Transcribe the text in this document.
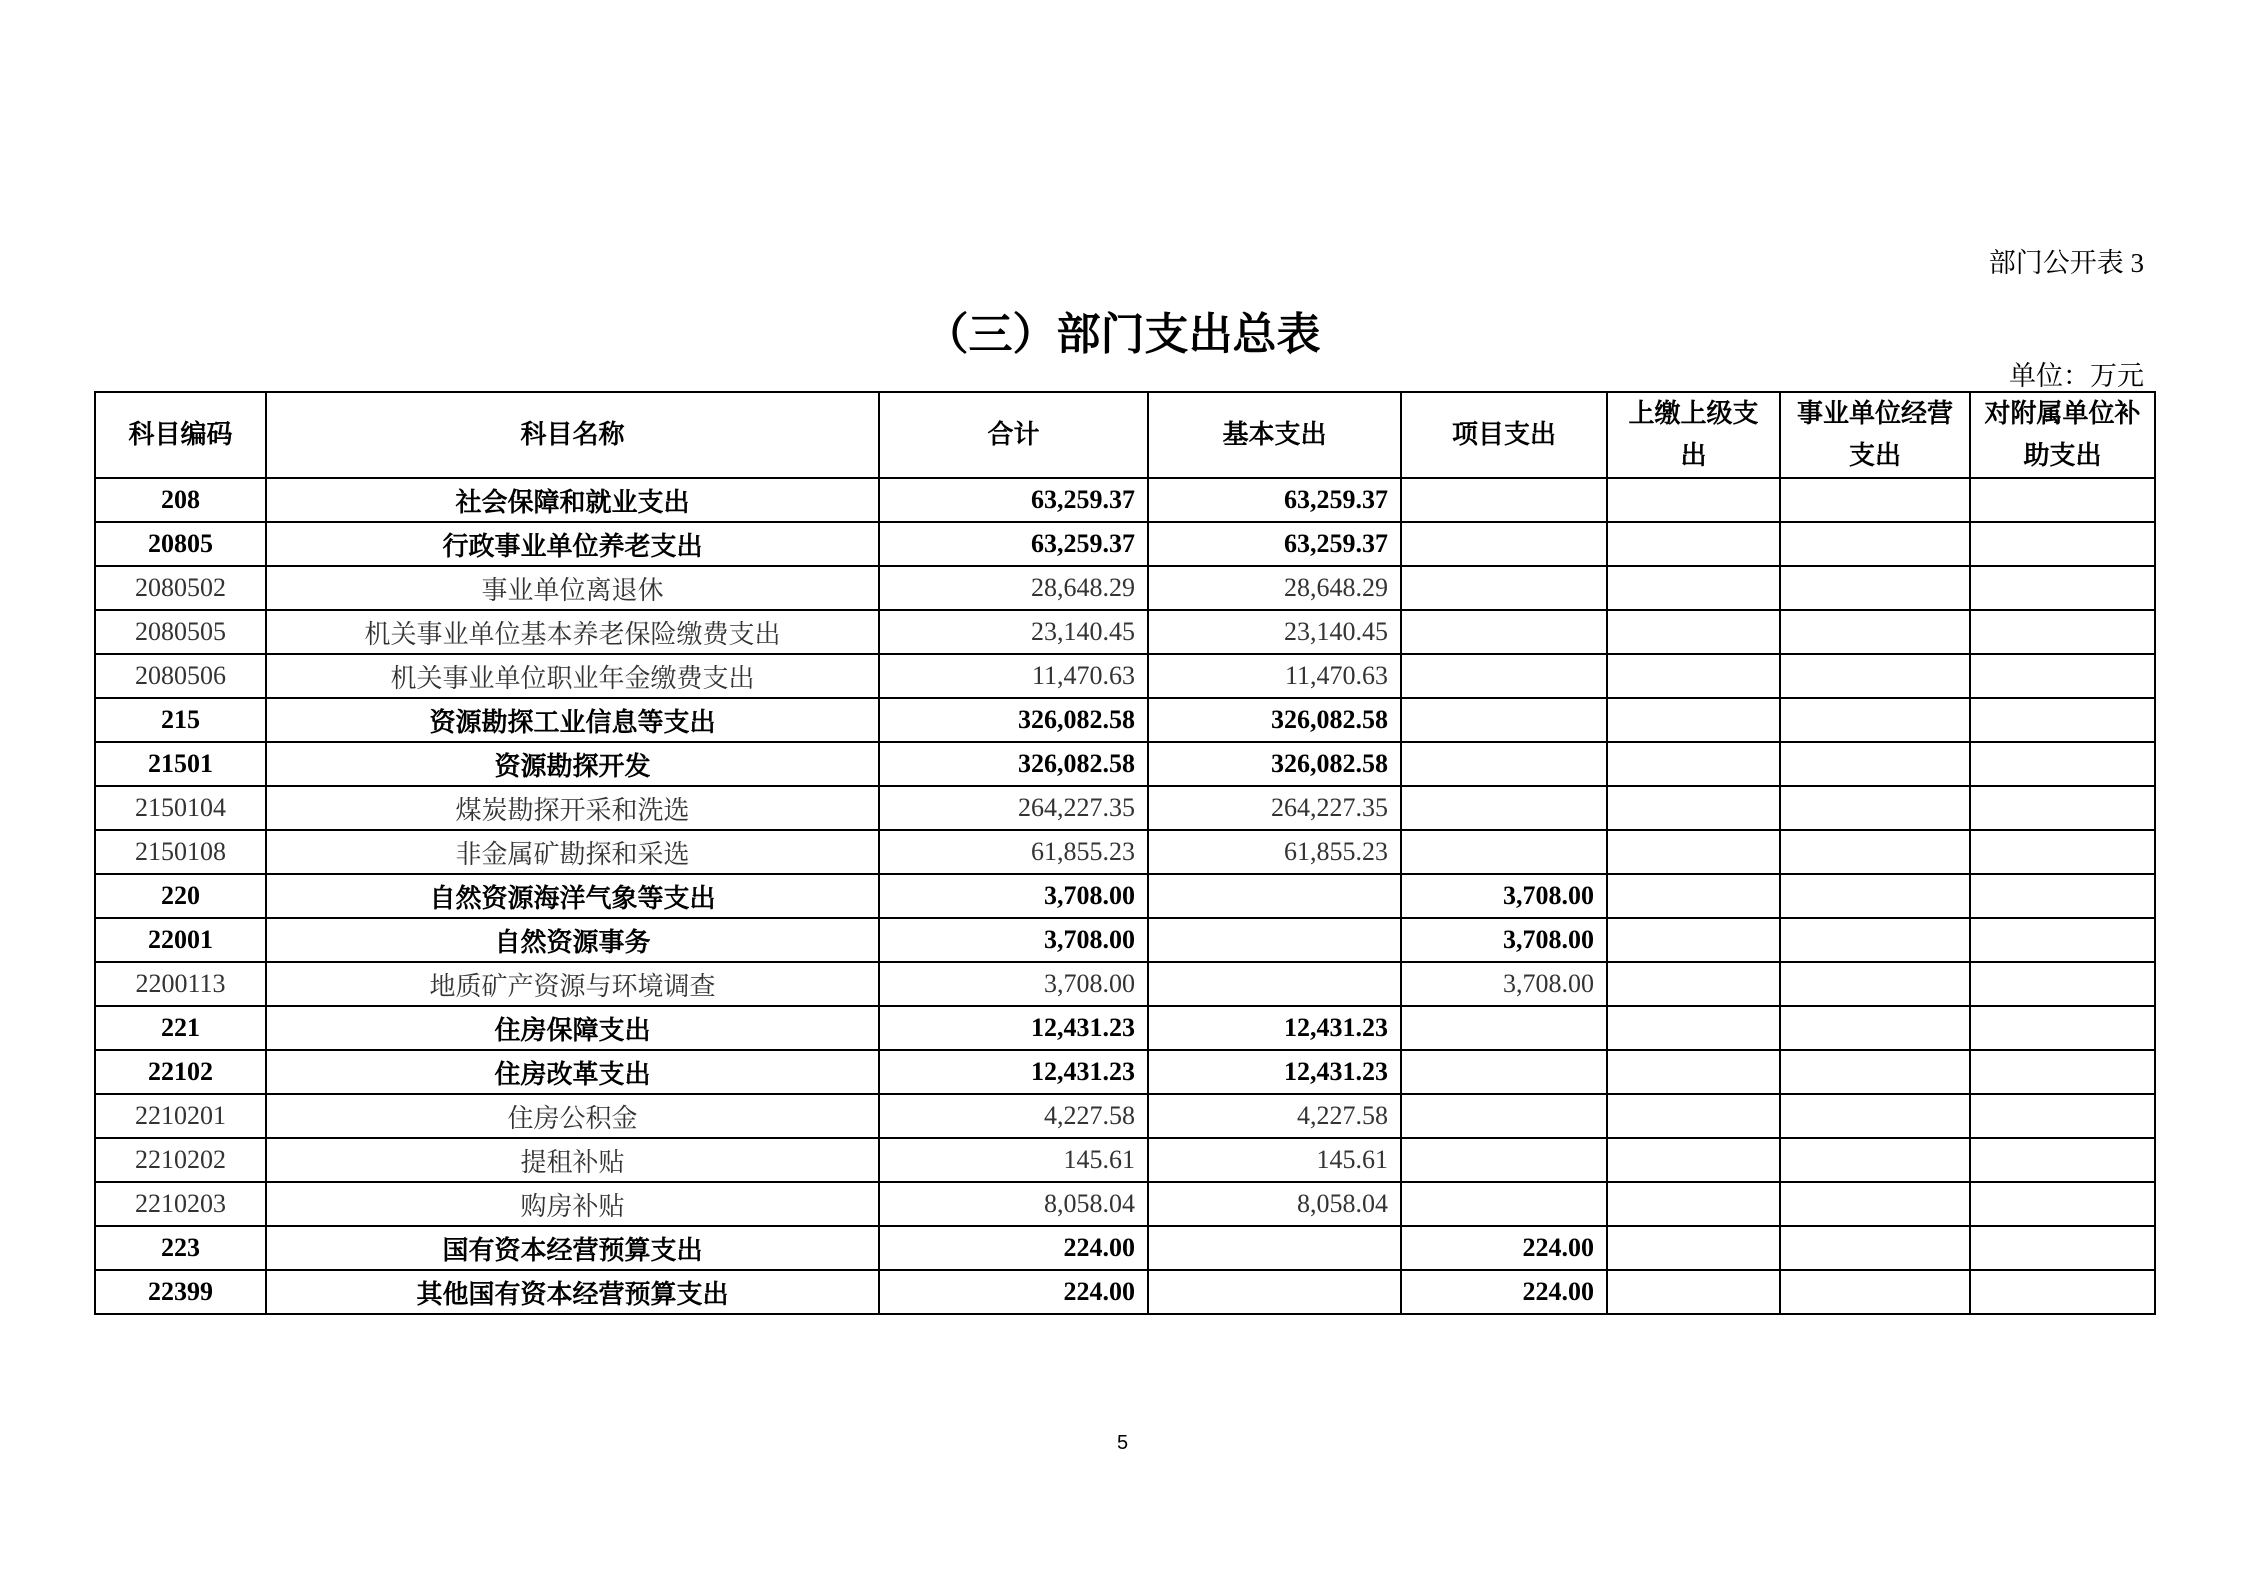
部门公开表 3
（三）部门支出总表
单位：万元
科目编码	科目名称	合计	基本支出	项目支出	上缴上级支出	事业单位经营支出	对附属单位补助支出
208	社会保障和就业支出	63,259.37	63,259.37				
20805	行政事业单位养老支出	63,259.37	63,259.37				
2080502	事业单位离退休	28,648.29	28,648.29				
2080505	机关事业单位基本养老保险缴费支出	23,140.45	23,140.45				
2080506	机关事业单位职业年金缴费支出	11,470.63	11,470.63				
215	资源勘探工业信息等支出	326,082.58	326,082.58				
21501	资源勘探开发	326,082.58	326,082.58				
2150104	煤炭勘探开采和洗选	264,227.35	264,227.35				
2150108	非金属矿勘探和采选	61,855.23	61,855.23				
220	自然资源海洋气象等支出	3,708.00		3,708.00			
22001	自然资源事务	3,708.00		3,708.00			
2200113	地质矿产资源与环境调查	3,708.00		3,708.00			
221	住房保障支出	12,431.23	12,431.23				
22102	住房改革支出	12,431.23	12,431.23				
2210201	住房公积金	4,227.58	4,227.58				
2210202	提租补贴	145.61	145.61				
2210203	购房补贴	8,058.04	8,058.04				
223	国有资本经营预算支出	224.00		224.00			
22399	其他国有资本经营预算支出	224.00		224.00			
5
